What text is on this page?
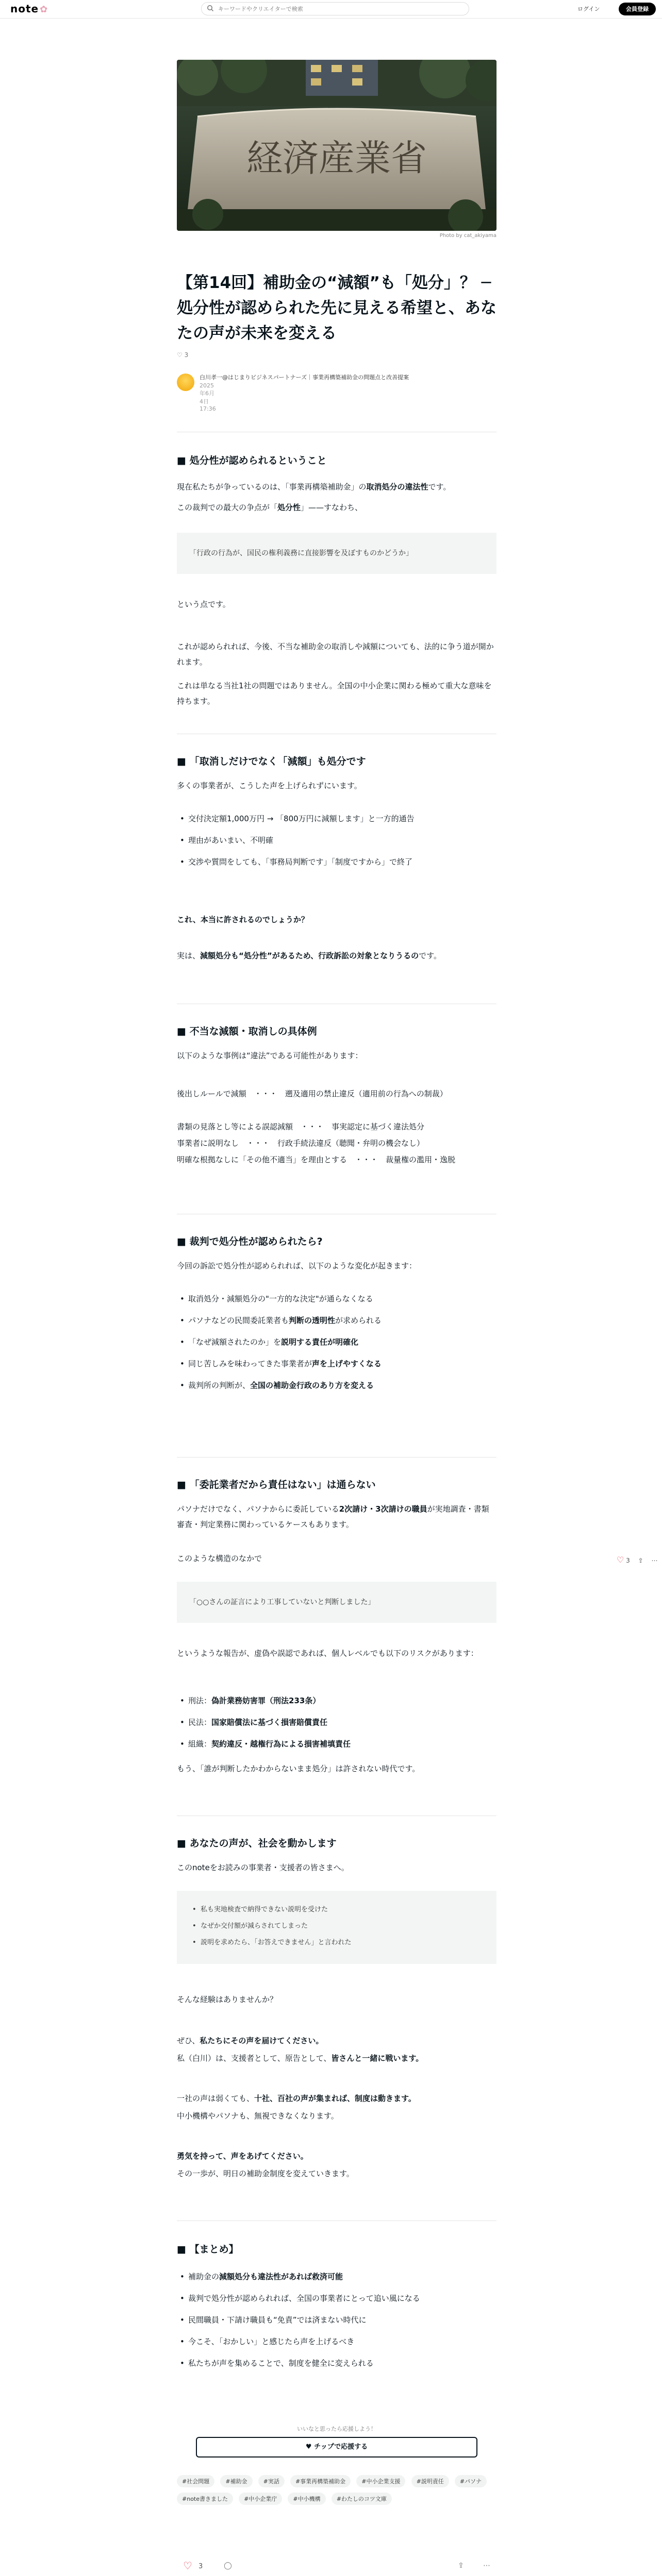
note ✿
キーワードやクリエイターで検索	ログイン	会員登録
経済産業省
Photo by cat_akiyama
【第14回】補助金の“減額”も「処分」？ ─ 処分性が認められた先に見える希望と、あなたの声が未来を変える
♡ 3
白川孝一@はじまりビジネスパートナーズ｜事業再構築補助金の問題点と改善提案
2025年6月4日 17:36
■ 処分性が認められるということ
現在私たちが争っているのは、「事業再構築補助金」の取消処分の違法性です。
この裁判での最大の争点が「処分性」——すなわち、
「行政の行為が、国民の権利義務に直接影響を及ぼすものかどうか」
という点です。
これが認められれば、今後、不当な補助金の取消しや減額についても、法的に争う道が開かれます。
これは単なる当社1社の問題ではありません。全国の中小企業に関わる極めて重大な意味を持ちます。
■ 「取消しだけでなく「減額」も処分です
多くの事業者が、こうした声を上げられずにいます。
• 交付決定額1,000万円 → 「800万円に減額します」と一方的通告
• 理由があいまい、不明確
• 交渉や質問をしても、「事務局判断です」「制度ですから」で終了
これ、本当に許されるのでしょうか？
実は、減額処分も“処分性”があるため、行政訴訟の対象となりうるのです。
■ 不当な減額・取消しの具体例
以下のような事例は“違法”である可能性があります：
後出しルールで減額　・・・　遡及適用の禁止違反（適用前の行為への制裁）
書類の見落とし等による誤認減額　・・・　事実認定に基づく違法処分
事業者に説明なし　・・・　行政手続法違反（聴聞・弁明の機会なし）
明確な根拠なしに「その他不適当」を理由とする　・・・　裁量権の濫用・逸脱
■ 裁判で処分性が認められたら?
今回の訴訟で処分性が認められれば、以下のような変化が起きます：
• 取消処分・減額処分の"一方的な決定"が通らなくなる
• パソナなどの民間委託業者も判断の透明性が求められる
• 「なぜ減額されたのか」を説明する責任が明確化
• 同じ苦しみを味わってきた事業者が声を上げやすくなる
• 裁判所の判断が、全国の補助金行政のあり方を変える
■ 「委託業者だから責任はない」は通らない
パソナだけでなく、パソナからに委託している2次請け・3次請けの職員が実地調査・書類審査・判定業務に関わっているケースもあります。
このような構造のなかで
「○○さんの証言により工事していないと判断しました」
というような報告が、虚偽や誤認であれば、個人レベルでも以下のリスクがあります：
• 刑法：偽計業務妨害罪（刑法233条）
• 民法：国家賠償法に基づく損害賠償責任
• 組織：契約違反・越権行為による損害補填責任
もう、「誰が判断したかわからないまま処分」は許されない時代です。
■ あなたの声が、社会を動かします
このnoteをお読みの事業者・支援者の皆さまへ。
• 私も実地検査で納得できない説明を受けた
• なぜか交付額が減らされてしまった
• 説明を求めたら、「お答えできません」と言われた
そんな経験はありませんか？
ぜひ、私たちにその声を届けてください。
私（白川）は、支援者として、原告として、皆さんと一緒に戦います。
一社の声は弱くても、十社、百社の声が集まれば、制度は動きます。
中小機構やパソナも、無視できなくなります。
勇気を持って、声をあげてください。
その一歩が、明日の補助金制度を変えていきます。
■ 【まとめ】
• 補助金の減額処分も違法性があれば救済可能
• 裁判で処分性が認められれば、全国の事業者にとって追い風になる
• 民間職員・下請け職員も“免責”では済まない時代に
• 今こそ、「おかしい」と感じたら声を上げるべき
• 私たちが声を集めることで、制度を健全に変えられる
♡ 3 ⇪ ⋯
いいなと思ったら応援しよう！
♥ チップで応援する
#社会問題	#補助金	#実話	#事業再構築補助金	#中小企業支援	#説明責任	#パソナ #note書きました	#中小企業庁	#中小機構	#わたしのコツ文庫
♡ 3	◯	⇪	⋯
